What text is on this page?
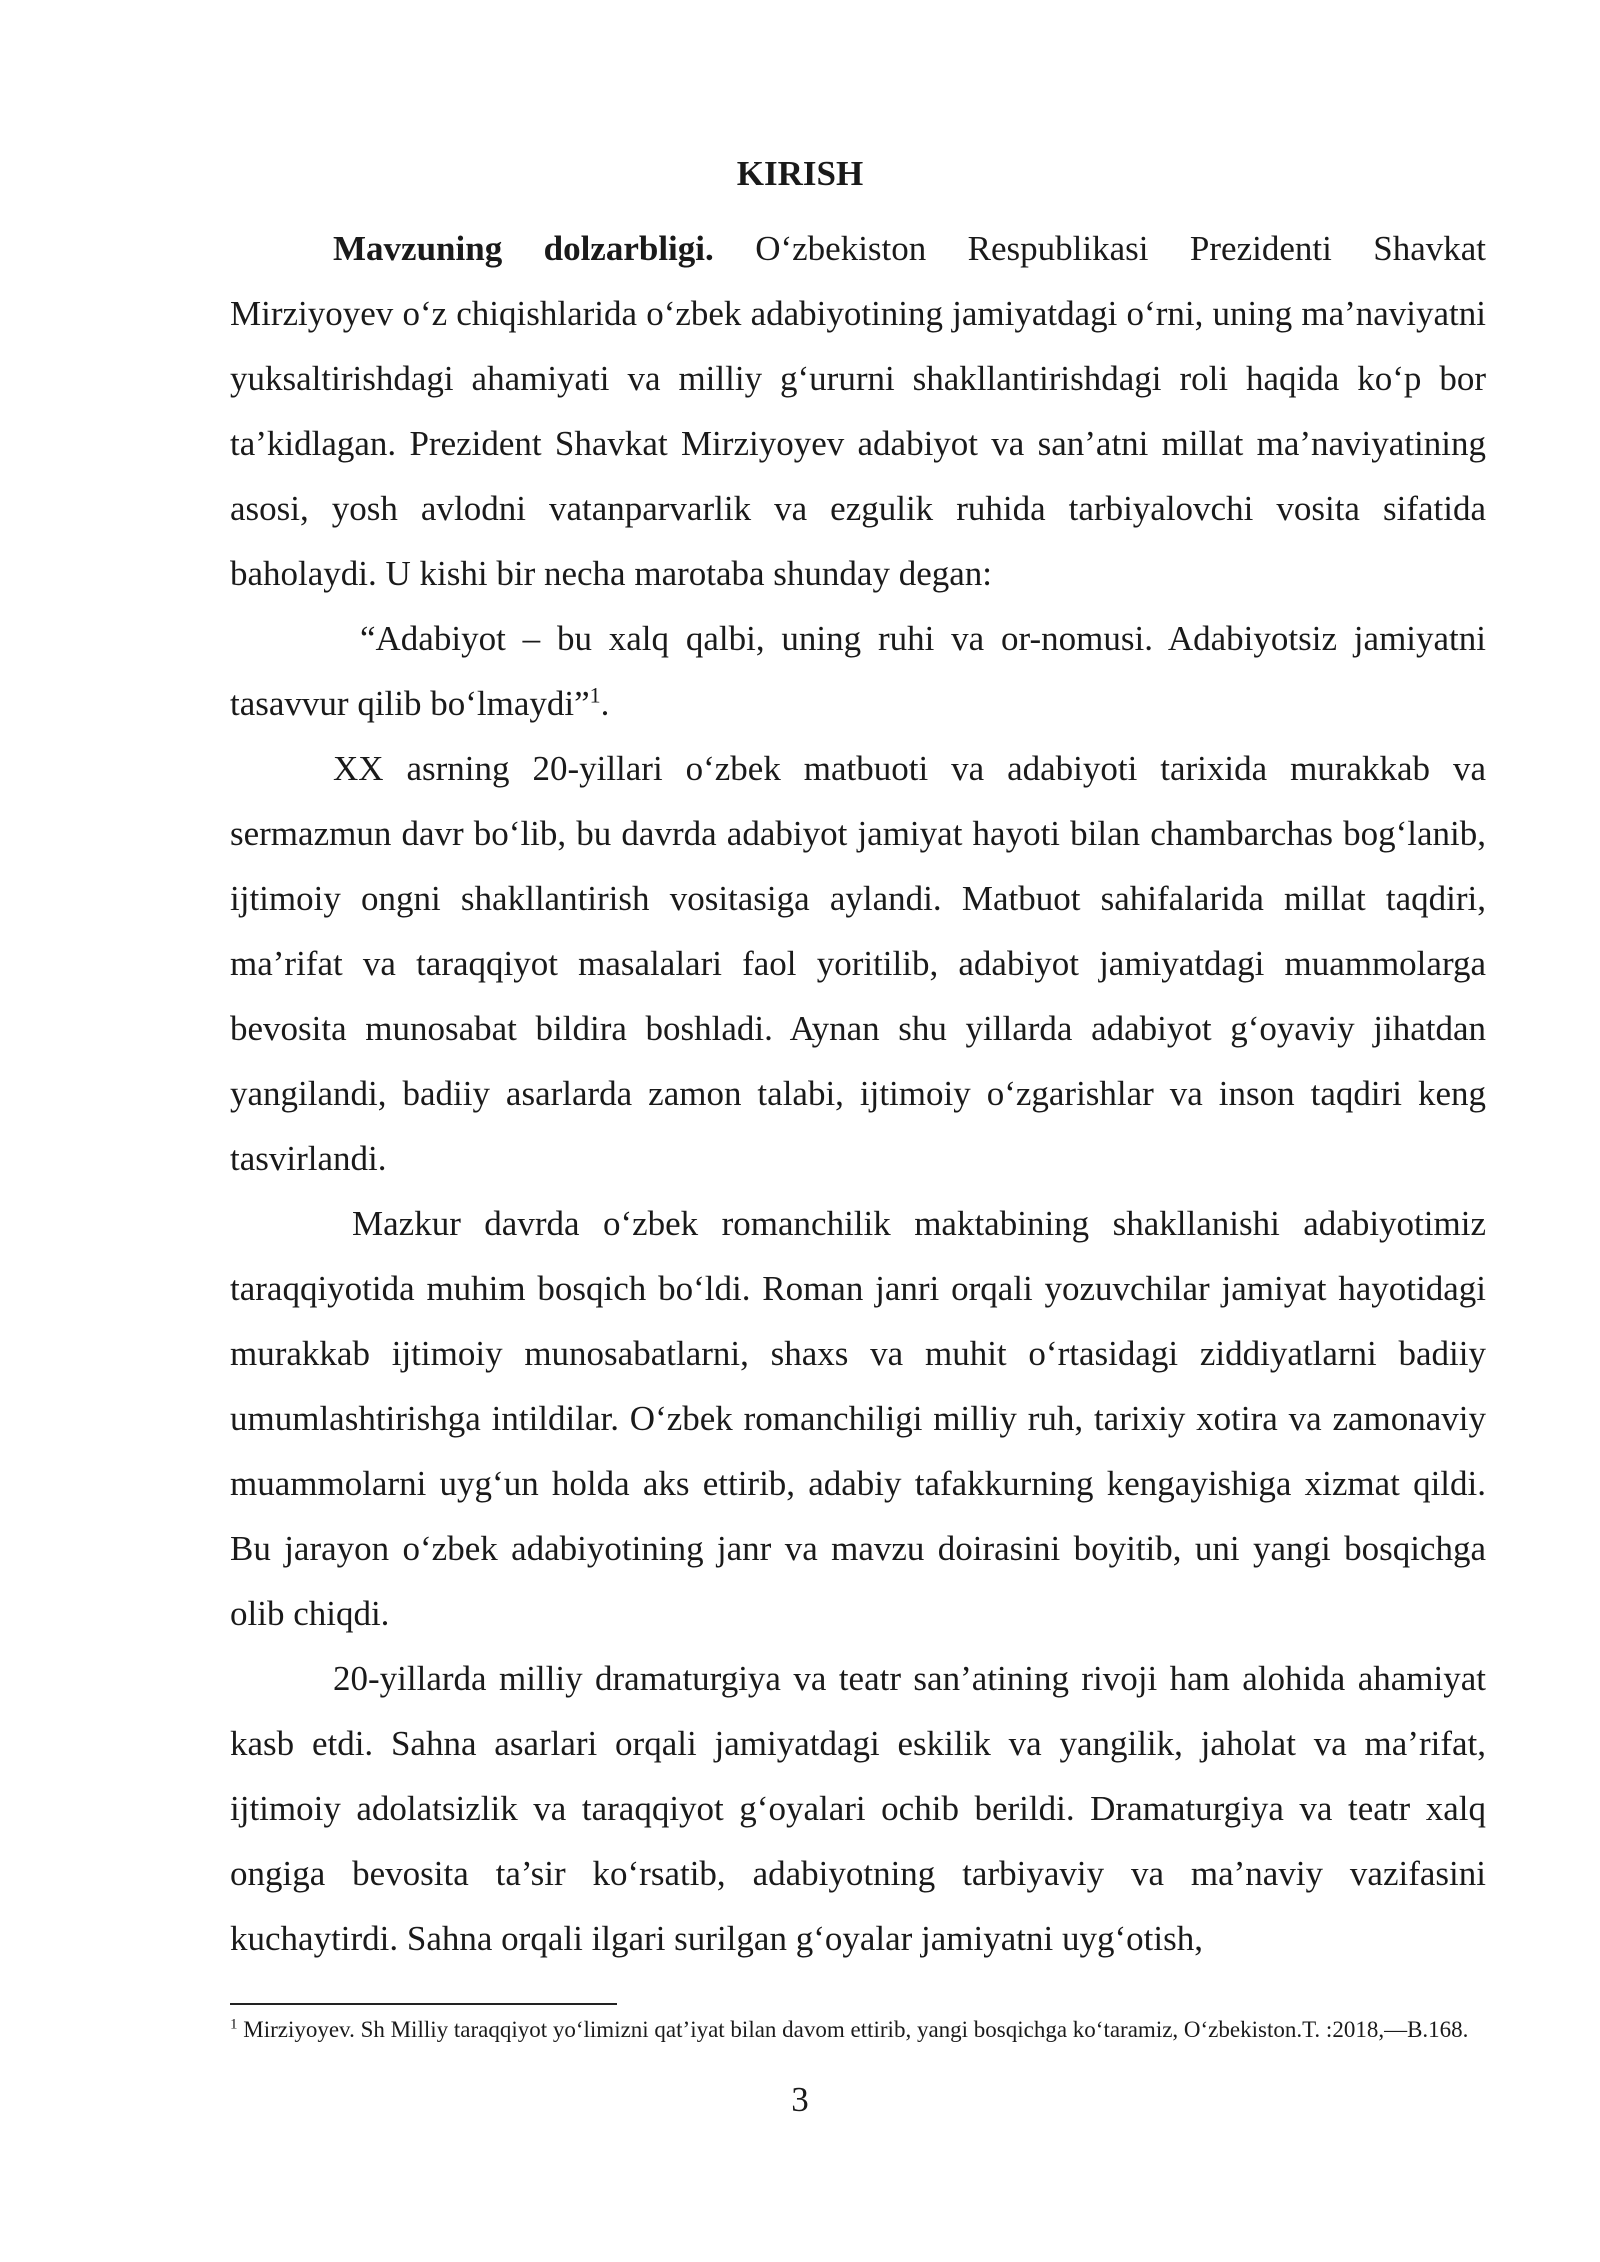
KIRISH

Mavzuning dolzarbligi. O‘zbekiston Respublikasi Prezidenti Shavkat Mirziyoyev o‘z chiqishlarida o‘zbek adabiyotining jamiyatdagi o‘rni, uning ma’naviyatni yuksaltirishdagi ahamiyati va milliy g‘ururni shakllantirishdagi roli haqida ko‘p bor ta’kidlagan. Prezident Shavkat Mirziyoyev adabiyot va san’atni millat ma’naviyatining asosi, yosh avlodni vatanparvarlik va ezgulik ruhida tarbiyalovchi vosita sifatida baholaydi. U kishi bir necha marotaba shunday degan:

“Adabiyot – bu xalq qalbi, uning ruhi va or-nomusi. Adabiyotsiz jamiyatni tasavvur qilib bo‘lmaydi”$^1$.

XX asrning 20-yillari o‘zbek matbuoti va adabiyoti tarixida murakkab va sermazmun davr bo‘lib, bu davrda adabiyot jamiyat hayoti bilan chambarchas bog‘lanib, ijtimoiy ongni shakllantirish vositasiga aylandi. Matbuot sahifalarida millat taqdiri, ma’rifat va taraqqiyot masalalari faol yoritilib, adabiyot jamiyatdagi muammolarga bevosita munosabat bildira boshladi. Aynan shu yillarda adabiyot g‘oyaviy jihatdan yangilandi, badiiy asarlarda zamon talabi, ijtimoiy o‘zgarishlar va inson taqdiri keng tasvirlandi.

Mazkur davrda o‘zbek romanchilik maktabining shakllanishi adabiyotimiz taraqqiyotida muhim bosqich bo‘ldi. Roman janri orqali yozuvchilar jamiyat hayotidagi murakkab ijtimoiy munosabatlarni, shaxs va muhit o‘rtasidagi ziddiyatlarni badiiy umumlashtirishga intildilar. O‘zbek romanchiligi milliy ruh, tarixiy xotira va zamonaviy muammolarni uyg‘un holda aks ettirib, adabiy tafakkurning kengayishiga xizmat qildi. Bu jarayon o‘zbek adabiyotining janr va mavzu doirasini boyitib, uni yangi bosqichga olib chiqdi.

20-yillarda milliy dramaturgiya va teatr san’atining rivoji ham alohida ahamiyat kasb etdi. Sahna asarlari orqali jamiyatdagi eskilik va yangilik, jaholat va ma’rifat, ijtimoiy adolatsizlik va taraqqiyot g‘oyalari ochib berildi. Dramaturgiya va teatr xalq ongiga bevosita ta’sir ko‘rsatib, adabiyotning tarbiyaviy va ma’naviy vazifasini kuchaytirdi. Sahna orqali ilgari surilgan g‘oyalar jamiyatni uyg‘otish,

$^1$ Mirziyoyev. Sh Milliy taraqqiyot yo‘limizni qat’iyat bilan davom ettirib, yangi bosqichga ko‘taramiz, O‘zbekiston.T. :2018,—B.168.
3
